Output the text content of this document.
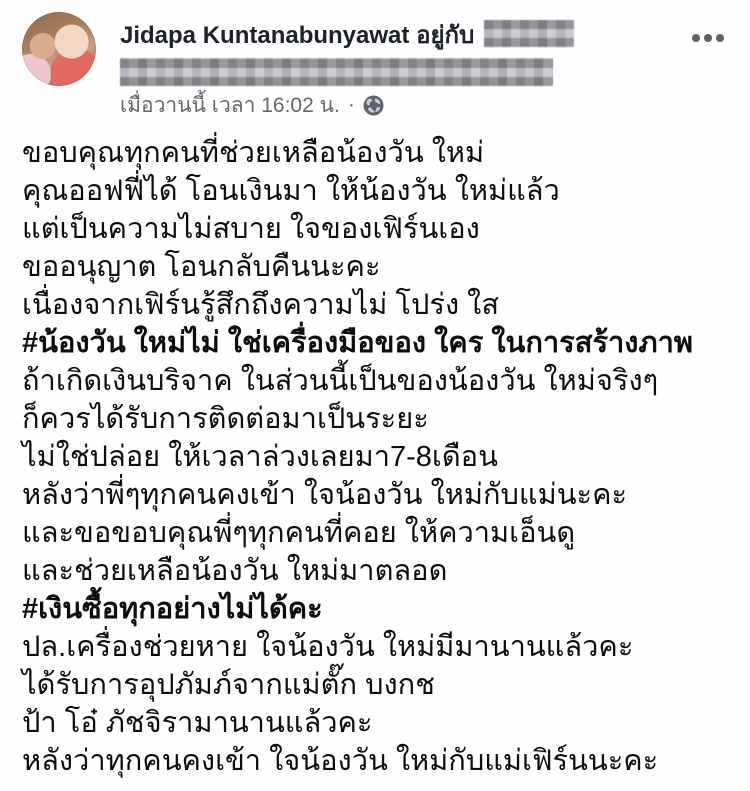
Jidapa Kuntanabunyawat อยู่กับ
เมื่อวานนี้ เวลา 16:02 น. ·
ขอบคุณทุกคนที่ช่วยเหลือน้องวัน ใหม่
คุณออฟฟี่ได้ โอนเงินมา ให้น้องวัน ใหม่แล้ว
แต่เป็นความไม่สบาย ใจของเฟิร์นเอง
ขออนุญาต โอนกลับคืนนะคะ
เนื่องจากเฟิร์นรู้สึกถึงความไม่ โปร่ง ใส
#น้องวัน ใหม่ไม่ ใช่เครื่องมือของ ใคร ในการสร้างภาพ
ถ้าเกิดเงินบริจาค ในส่วนนี้เป็นของน้องวัน ใหม่จริงๆ
ก็ควรได้รับการติดต่อมาเป็นระยะ
ไม่ใช่ปล่อย ให้เวลาล่วงเลยมา7-8เดือน
หลังว่าพี่ๆทุกคนคงเข้า ใจน้องวัน ใหม่กับแม่นะคะ
และขอขอบคุณพี่ๆทุกคนที่คอย ให้ความเอ็นดู
และช่วยเหลือน้องวัน ใหม่มาตลอด
#เงินซื้อทุกอย่างไม่ได้คะ
ปล.เครื่องช่วยหาย ใจน้องวัน ใหม่มีมานานแล้วคะ
ได้รับการอุปภัมภ์จากแม่ตั๊ก บงกช
ป้า โอ๋ ภัชจิรามานานแล้วคะ
หลังว่าทุกคนคงเข้า ใจน้องวัน ใหม่กับแม่เฟิร์นนะคะ
